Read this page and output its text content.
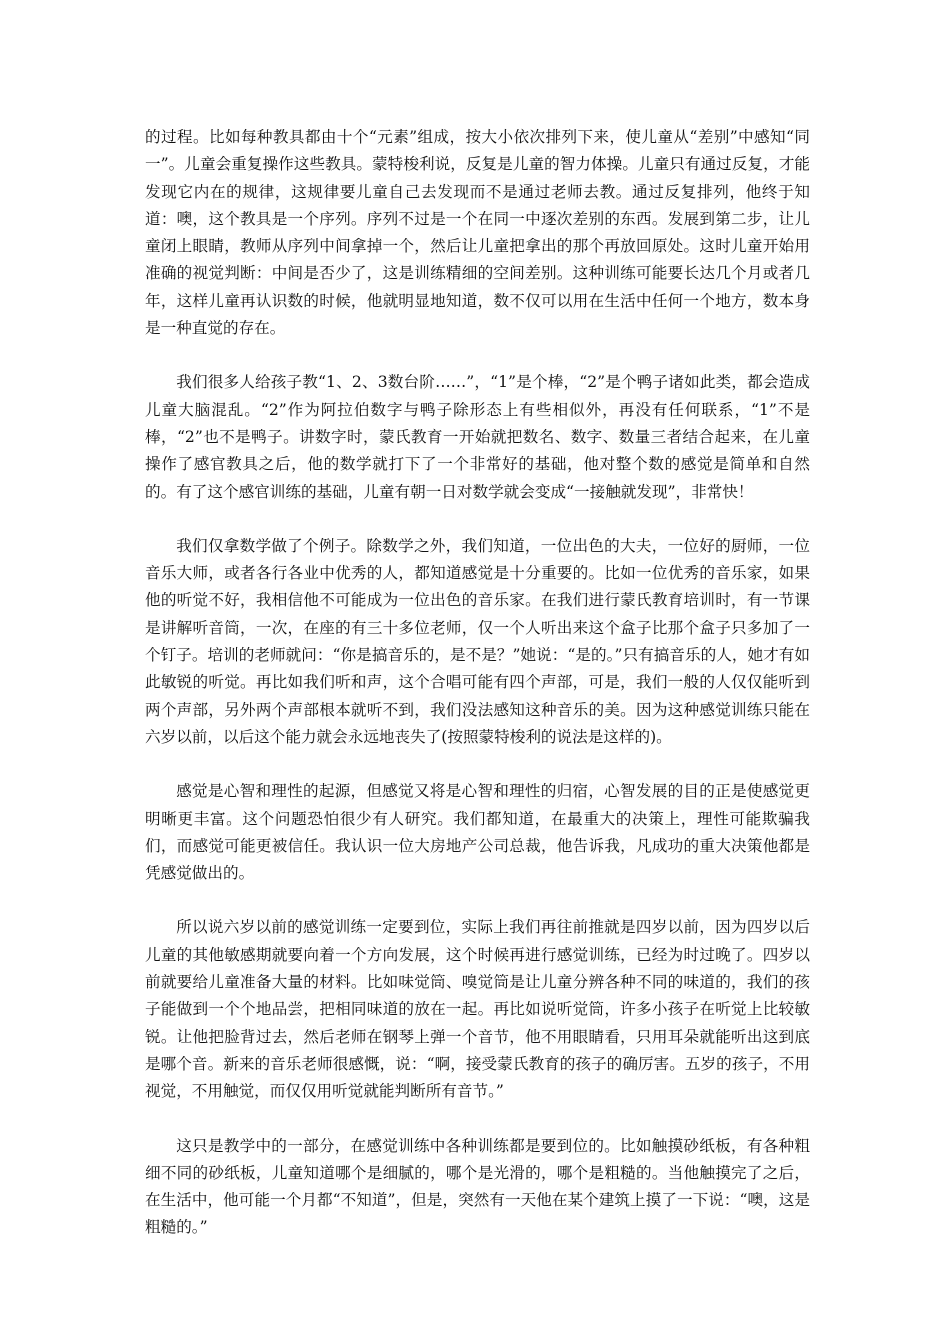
的过程。比如每种教具都由十个“元素”组成，按大小依次排列下来，使儿童从“差别”中感知“同一”。儿童会重复操作这些教具。蒙特梭利说，反复是儿童的智力体操。儿童只有通过反复，才能发现它内在的规律，这规律要儿童自己去发现而不是通过老师去教。通过反复排列，他终于知道：噢，这个教具是一个序列。序列不过是一个在同一中逐次差别的东西。发展到第二步，让儿童闭上眼睛，教师从序列中间拿掉一个，然后让儿童把拿出的那个再放回原处。这时儿童开始用准确的视觉判断：中间是否少了，这是训练精细的空间差别。这种训练可能要长达几个月或者几年，这样儿童再认识数的时候，他就明显地知道，数不仅可以用在生活中任何一个地方，数本身是一种直觉的存在。

我们很多人给孩子教“1、2、3数台阶……”，“1”是个棒，“2”是个鸭子诸如此类，都会造成儿童大脑混乱。“2”作为阿拉伯数字与鸭子除形态上有些相似外，再没有任何联系，“1”不是棒，“2”也不是鸭子。讲数字时，蒙氏教育一开始就把数名、数字、数量三者结合起来，在儿童操作了感官教具之后，他的数学就打下了一个非常好的基础，他对整个数的感觉是简单和自然的。有了这个感官训练的基础，儿童有朝一日对数学就会变成“一接触就发现”，非常快！

我们仅拿数学做了个例子。除数学之外，我们知道，一位出色的大夫，一位好的厨师，一位音乐大师，或者各行各业中优秀的人，都知道感觉是十分重要的。比如一位优秀的音乐家，如果他的听觉不好，我相信他不可能成为一位出色的音乐家。在我们进行蒙氏教育培训时，有一节课是讲解听音筒，一次，在座的有三十多位老师，仅一个人听出来这个盒子比那个盒子只多加了一个钉子。培训的老师就问：“你是搞音乐的，是不是？”她说：“是的。”只有搞音乐的人，她才有如此敏锐的听觉。再比如我们听和声，这个合唱可能有四个声部，可是，我们一般的人仅仅能听到两个声部，另外两个声部根本就听不到，我们没法感知这种音乐的美。因为这种感觉训练只能在六岁以前，以后这个能力就会永远地丧失了(按照蒙特梭利的说法是这样的)。

感觉是心智和理性的起源，但感觉又将是心智和理性的归宿，心智发展的目的正是使感觉更明晰更丰富。这个问题恐怕很少有人研究。我们都知道，在最重大的决策上，理性可能欺骗我们，而感觉可能更被信任。我认识一位大房地产公司总裁，他告诉我，凡成功的重大决策他都是凭感觉做出的。

所以说六岁以前的感觉训练一定要到位，实际上我们再往前推就是四岁以前，因为四岁以后儿童的其他敏感期就要向着一个方向发展，这个时候再进行感觉训练，已经为时过晚了。四岁以前就要给儿童准备大量的材料。比如味觉筒、嗅觉筒是让儿童分辨各种不同的味道的，我们的孩子能做到一个个地品尝，把相同味道的放在一起。再比如说听觉筒，许多小孩子在听觉上比较敏锐。让他把脸背过去，然后老师在钢琴上弹一个音节，他不用眼睛看，只用耳朵就能听出这到底是哪个音。新来的音乐老师很感慨，说：“啊，接受蒙氏教育的孩子的确厉害。五岁的孩子，不用视觉，不用触觉，而仅仅用听觉就能判断所有音节。”

这只是教学中的一部分，在感觉训练中各种训练都是要到位的。比如触摸砂纸板，有各种粗细不同的砂纸板，儿童知道哪个是细腻的，哪个是光滑的，哪个是粗糙的。当他触摸完了之后，在生活中，他可能一个月都“不知道”，但是，突然有一天他在某个建筑上摸了一下说：“噢，这是粗糙的。”
